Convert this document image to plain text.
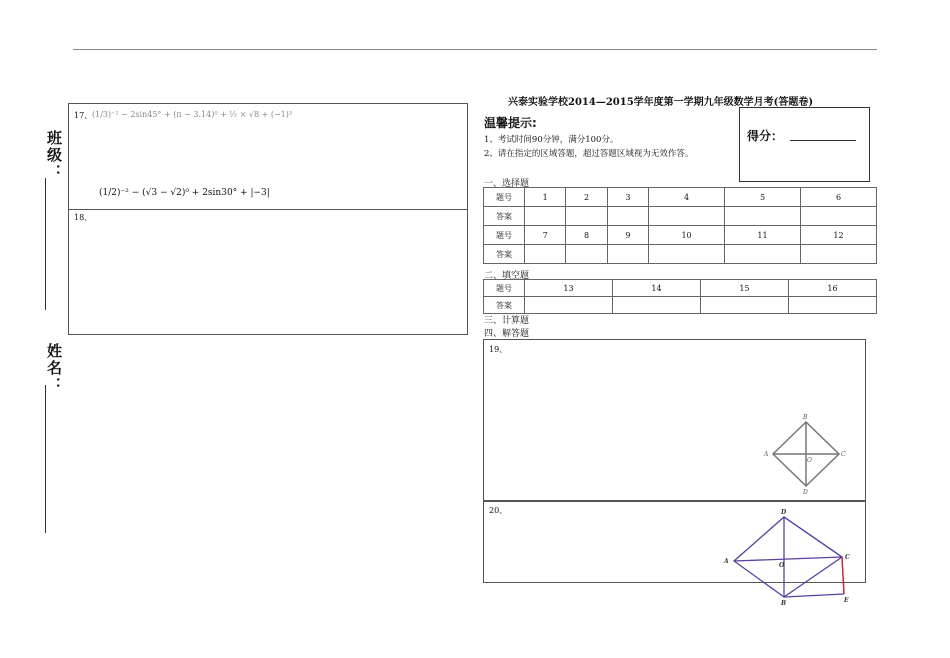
班级：
姓名：
17、 (1/3)⁻² − 2sin45° + (π − 3.14)⁰ + ½ × √8 + (−1)³
(1/2)⁻² − (√3 − √2)⁰ + 2sin30° + |−3|
18、
兴泰实验学校2014—2015学年度第一学期九年级数学月考(答题卷)
温馨提示:
1、考试时间90分钟，满分100分。
2、请在指定的区域答题，超过答题区域视为无效作答。
得分：
一、选择题
题号	1	2	3	4	5	6
答案						
题号	7	8	9	10	11	12
答案						
二、填空题
题号	13	14	15	16
答案				
三、计算题
四、解答题
19、
B
A
O
C
D
20、	D
A
O
C
B	E
